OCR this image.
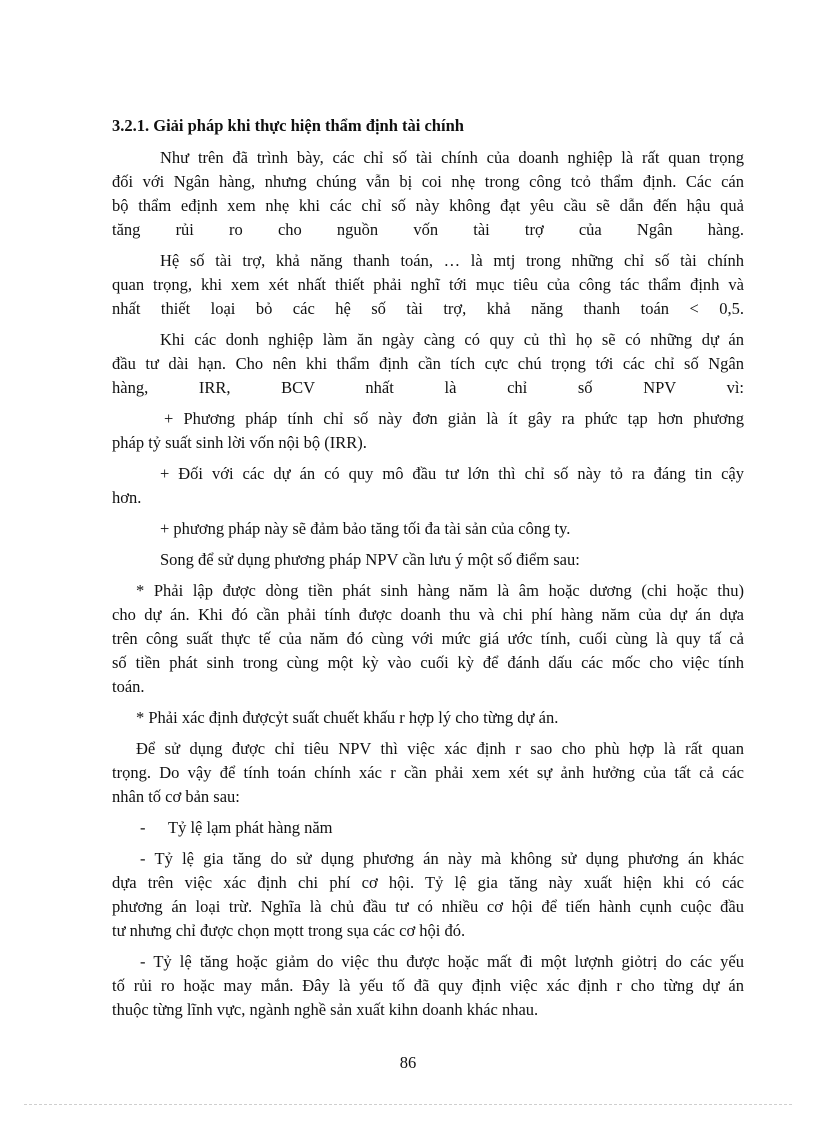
3.2.1. Giải pháp khi thực hiện thẩm định tài chính
Như trên đã trình bày, các chỉ số tài chính của doanh nghiệp là rất quan trọng
đối với Ngân hàng, nhưng chúng vẫn bị coi nhẹ trong công tcỏ thẩm định. Các cán
bộ thẩm eđịnh xem nhẹ khi các chỉ số này không đạt yêu cầu sẽ dẫn đến hậu quả
tăng rủi ro cho nguồn vốn tài trợ của Ngân hàng.
Hệ số tài trợ, khả năng thanh toán, … là mtj trong những chỉ số tài chính
quan trọng, khi xem xét nhất thiết phải nghĩ tới mục tiêu của công tác thẩm định và
nhất thiết loại bỏ các hệ số tài trợ, khả năng thanh toán < 0,5.
Khi các donh nghiệp làm ăn ngày càng có quy củ thì họ sẽ có những dự án
đầu tư dài hạn. Cho nên khi thẩm định cần tích cực chú trọng tới các chỉ số Ngân
hàng, IRR, BCV nhất là chỉ số NPV vì:
+ Phương pháp tính chỉ số này đơn giản là ít gây ra phức tạp hơn phương
pháp tỷ suất sinh lời vốn nội bộ (IRR).
+ Đối với các dự án có quy mô đầu tư lớn thì chỉ số này tỏ ra đáng tin cậy
hơn.
+ phương pháp này sẽ đảm bảo tăng tối đa tài sản của công ty.
Song để sử dụng phương pháp NPV cần lưu ý một số điểm sau:
* Phải lập được dòng tiền phát sinh hàng năm là âm hoặc dương (chi hoặc thu)
cho dự án. Khi đó cần phải tính được doanh thu và chi phí hàng năm của dự án dựa
trên công suất thực tế của năm đó cùng với mức giá ước tính, cuối cùng là quy tấ cả
số tiền phát sinh trong cùng một kỳ vào cuối kỳ để đánh dấu các mốc cho việc tính
toán.
* Phải xác định đượcỷt suất chuết khấu r hợp lý cho từng dự án.
Để sử dụng được chỉ tiêu NPV thì việc xác định r sao cho phù hợp là rất quan
trọng. Do vậy để tính toán chính xác r cần phải xem xét sự ảnh hưởng của tất cả các
nhân tố cơ bản sau:
- Tỷ lệ lạm phát hàng năm
- Tỷ lệ gia tăng do sử dụng phương án này mà không sử dụng phương án khác
dựa trên việc xác định chi phí cơ hội. Tỷ lệ gia tăng này xuất hiện khi có các
phương án loại trừ. Nghĩa là chủ đầu tư có nhiều cơ hội để tiến hành cụnh cuộc đầu
tư nhưng chỉ được chọn mọtt trong sụa các cơ hội đó.
- Tỷ lệ tăng hoặc giảm do việc thu được hoặc mất đi một lượnh giỏtrị do các yếu
tố rủi ro hoặc may mắn. Đây là yếu tố đã quy định việc xác định r cho từng dự án
thuộc từng lĩnh vực, ngành nghề sản xuất kihn doanh khác nhau.
86
